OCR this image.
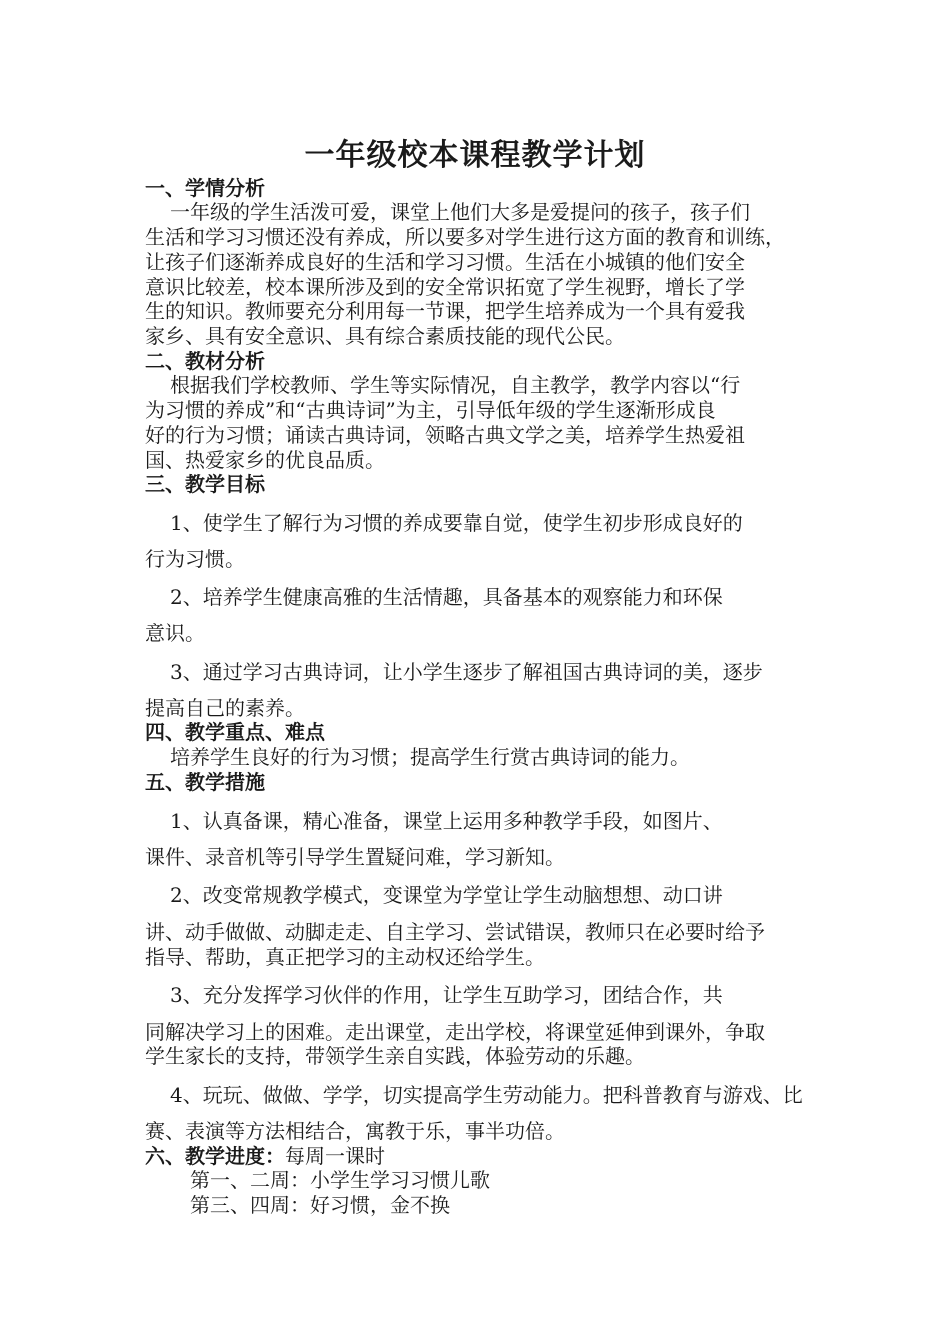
一年级校本课程教学计划
一、学情分析
一年级的学生活泼可爱，课堂上他们大多是爱提问的孩子，孩子们
生活和学习习惯还没有养成，所以要多对学生进行这方面的教育和训练，
让孩子们逐渐养成良好的生活和学习习惯。生活在小城镇的他们安全
意识比较差，校本课所涉及到的安全常识拓宽了学生视野，增长了学
生的知识。教师要充分利用每一节课，把学生培养成为一个具有爱我
家乡、具有安全意识、具有综合素质技能的现代公民。
二、教材分析
根据我们学校教师、学生等实际情况，自主教学，教学内容以“行
为习惯的养成”和“古典诗词”为主，引导低年级的学生逐渐形成良
好的行为习惯；诵读古典诗词，领略古典文学之美，培养学生热爱祖
国、热爱家乡的优良品质。
三、教学目标
1、使学生了解行为习惯的养成要靠自觉，使学生初步形成良好的
行为习惯。
2、培养学生健康高雅的生活情趣，具备基本的观察能力和环保
意识。
3、通过学习古典诗词，让小学生逐步了解祖国古典诗词的美，逐步
提高自己的素养。
四、教学重点、难点
培养学生良好的行为习惯；提高学生行赏古典诗词的能力。
五、教学措施
1、认真备课，精心准备，课堂上运用多种教学手段，如图片、
课件、录音机等引导学生置疑问难，学习新知。
2、改变常规教学模式，变课堂为学堂让学生动脑想想、动口讲
讲、动手做做、动脚走走、自主学习、尝试错误，教师只在必要时给予
指导、帮助，真正把学习的主动权还给学生。
3、充分发挥学习伙伴的作用，让学生互助学习，团结合作，共
同解决学习上的困难。走出课堂，走出学校，将课堂延伸到课外，争取
学生家长的支持，带领学生亲自实践，体验劳动的乐趣。
4、玩玩、做做、学学，切实提高学生劳动能力。把科普教育与游戏、比
赛、表演等方法相结合，寓教于乐，事半功倍。
六、教学进度：每周一课时
第一、二周：小学生学习习惯儿歌
第三、四周：好习惯，金不换
